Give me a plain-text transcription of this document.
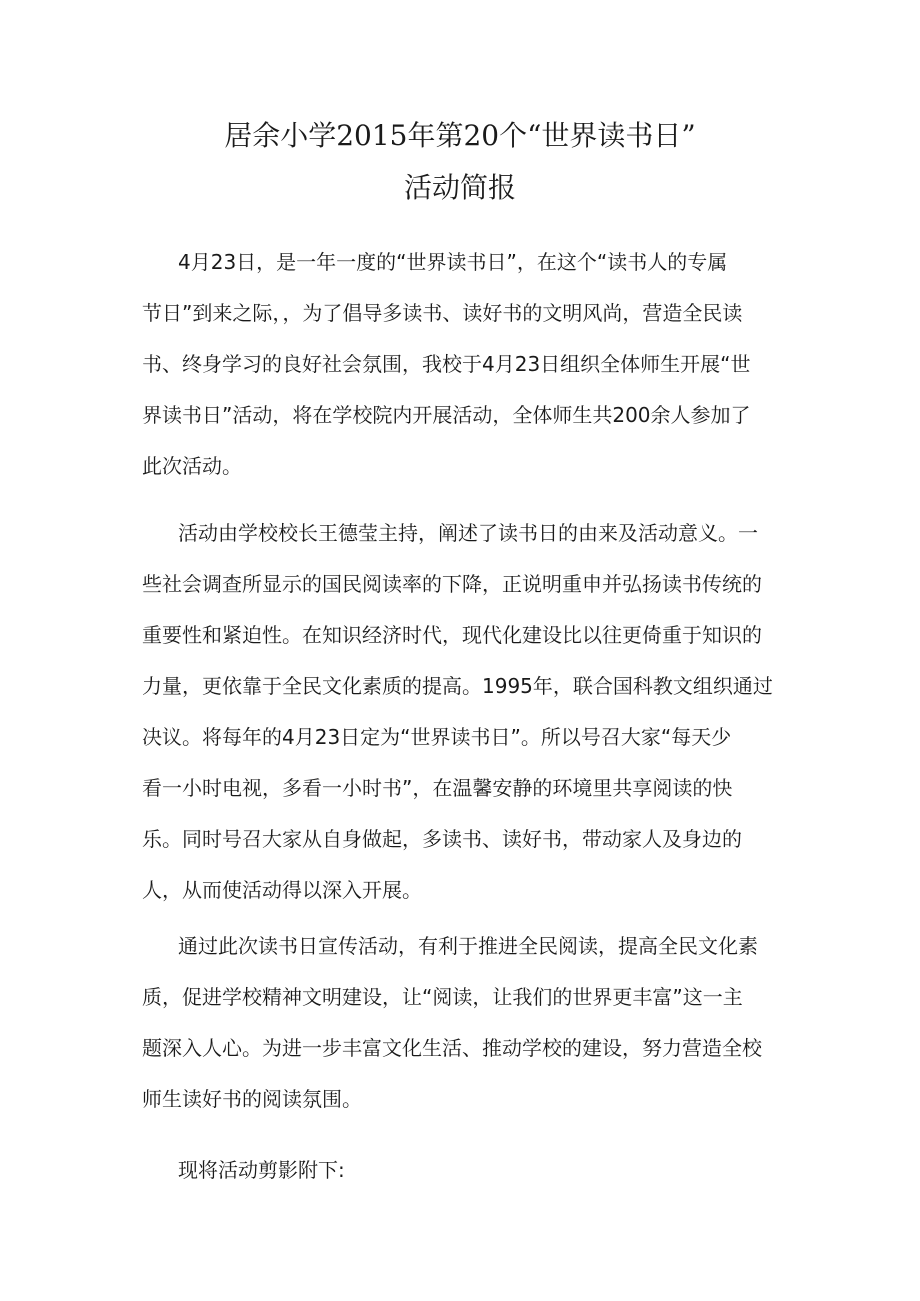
居余小学2015年第20个“世界读书日”
活动简报

4月23日，是一年一度的“世界读书日”，在这个“读书人的专属
节日”到来之际，，为了倡导多读书、读好书的文明风尚，营造全民读
书、终身学习的良好社会氛围，我校于4月23日组织全体师生开展“世
界读书日”活动，将在学校院内开展活动，全体师生共200余人参加了
此次活动。

活动由学校校长王德莹主持，阐述了读书日的由来及活动意义。一
些社会调查所显示的国民阅读率的下降，正说明重申并弘扬读书传统的
重要性和紧迫性。在知识经济时代，现代化建设比以往更倚重于知识的
力量，更依靠于全民文化素质的提高。1995年，联合国科教文组织通过
决议。将每年的4月23日定为“世界读书日”。所以号召大家“每天少
看一小时电视，多看一小时书”，在温馨安静的环境里共享阅读的快
乐。同时号召大家从自身做起，多读书、读好书，带动家人及身边的
人，从而使活动得以深入开展。

通过此次读书日宣传活动，有利于推进全民阅读，提高全民文化素
质，促进学校精神文明建设，让“阅读，让我们的世界更丰富”这一主
题深入人心。为进一步丰富文化生活、推动学校的建设，努力营造全校
师生读好书的阅读氛围。

现将活动剪影附下:
